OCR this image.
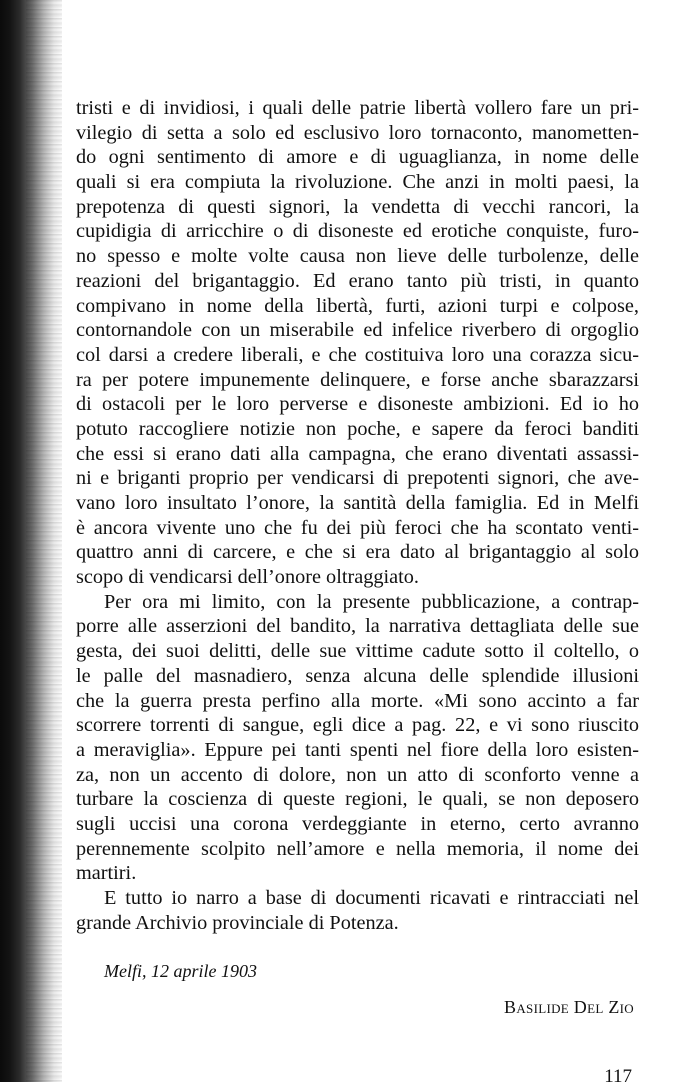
tristi e di invidiosi, i quali delle patrie libertà vollero fare un pri-
vilegio di setta a solo ed esclusivo loro tornaconto, manometten-
do ogni sentimento di amore e di uguaglianza, in nome delle
quali si era compiuta la rivoluzione. Che anzi in molti paesi, la
prepotenza di questi signori, la vendetta di vecchi rancori, la
cupidigia di arricchire o di disoneste ed erotiche conquiste, furo-
no spesso e molte volte causa non lieve delle turbolenze, delle
reazioni del brigantaggio. Ed erano tanto più tristi, in quanto
compivano in nome della libertà, furti, azioni turpi e colpose,
contornandole con un miserabile ed infelice riverbero di orgoglio
col darsi a credere liberali, e che costituiva loro una corazza sicu-
ra per potere impunemente delinquere, e forse anche sbarazzarsi
di ostacoli per le loro perverse e disoneste ambizioni. Ed io ho
potuto raccogliere notizie non poche, e sapere da feroci banditi
che essi si erano dati alla campagna, che erano diventati assassi-
ni e briganti proprio per vendicarsi di prepotenti signori, che ave-
vano loro insultato l’onore, la santità della famiglia. Ed in Melfi
è ancora vivente uno che fu dei più feroci che ha scontato venti-
quattro anni di carcere, e che si era dato al brigantaggio al solo
scopo di vendicarsi dell’onore oltraggiato.
Per ora mi limito, con la presente pubblicazione, a contrap-
porre alle asserzioni del bandito, la narrativa dettagliata delle sue
gesta, dei suoi delitti, delle sue vittime cadute sotto il coltello, o
le palle del masnadiero, senza alcuna delle splendide illusioni
che la guerra presta perfino alla morte. «Mi sono accinto a far
scorrere torrenti di sangue, egli dice a pag. 22, e vi sono riuscito
a meraviglia». Eppure pei tanti spenti nel fiore della loro esisten-
za, non un accento di dolore, non un atto di sconforto venne a
turbare la coscienza di queste regioni, le quali, se non deposero
sugli uccisi una corona verdeggiante in eterno, certo avranno
perennemente scolpito nell’amore e nella memoria, il nome dei
martiri.
E tutto io narro a base di documenti ricavati e rintracciati nel
grande Archivio provinciale di Potenza.
Melfi, 12 aprile 1903
Basilide Del Zio
117
